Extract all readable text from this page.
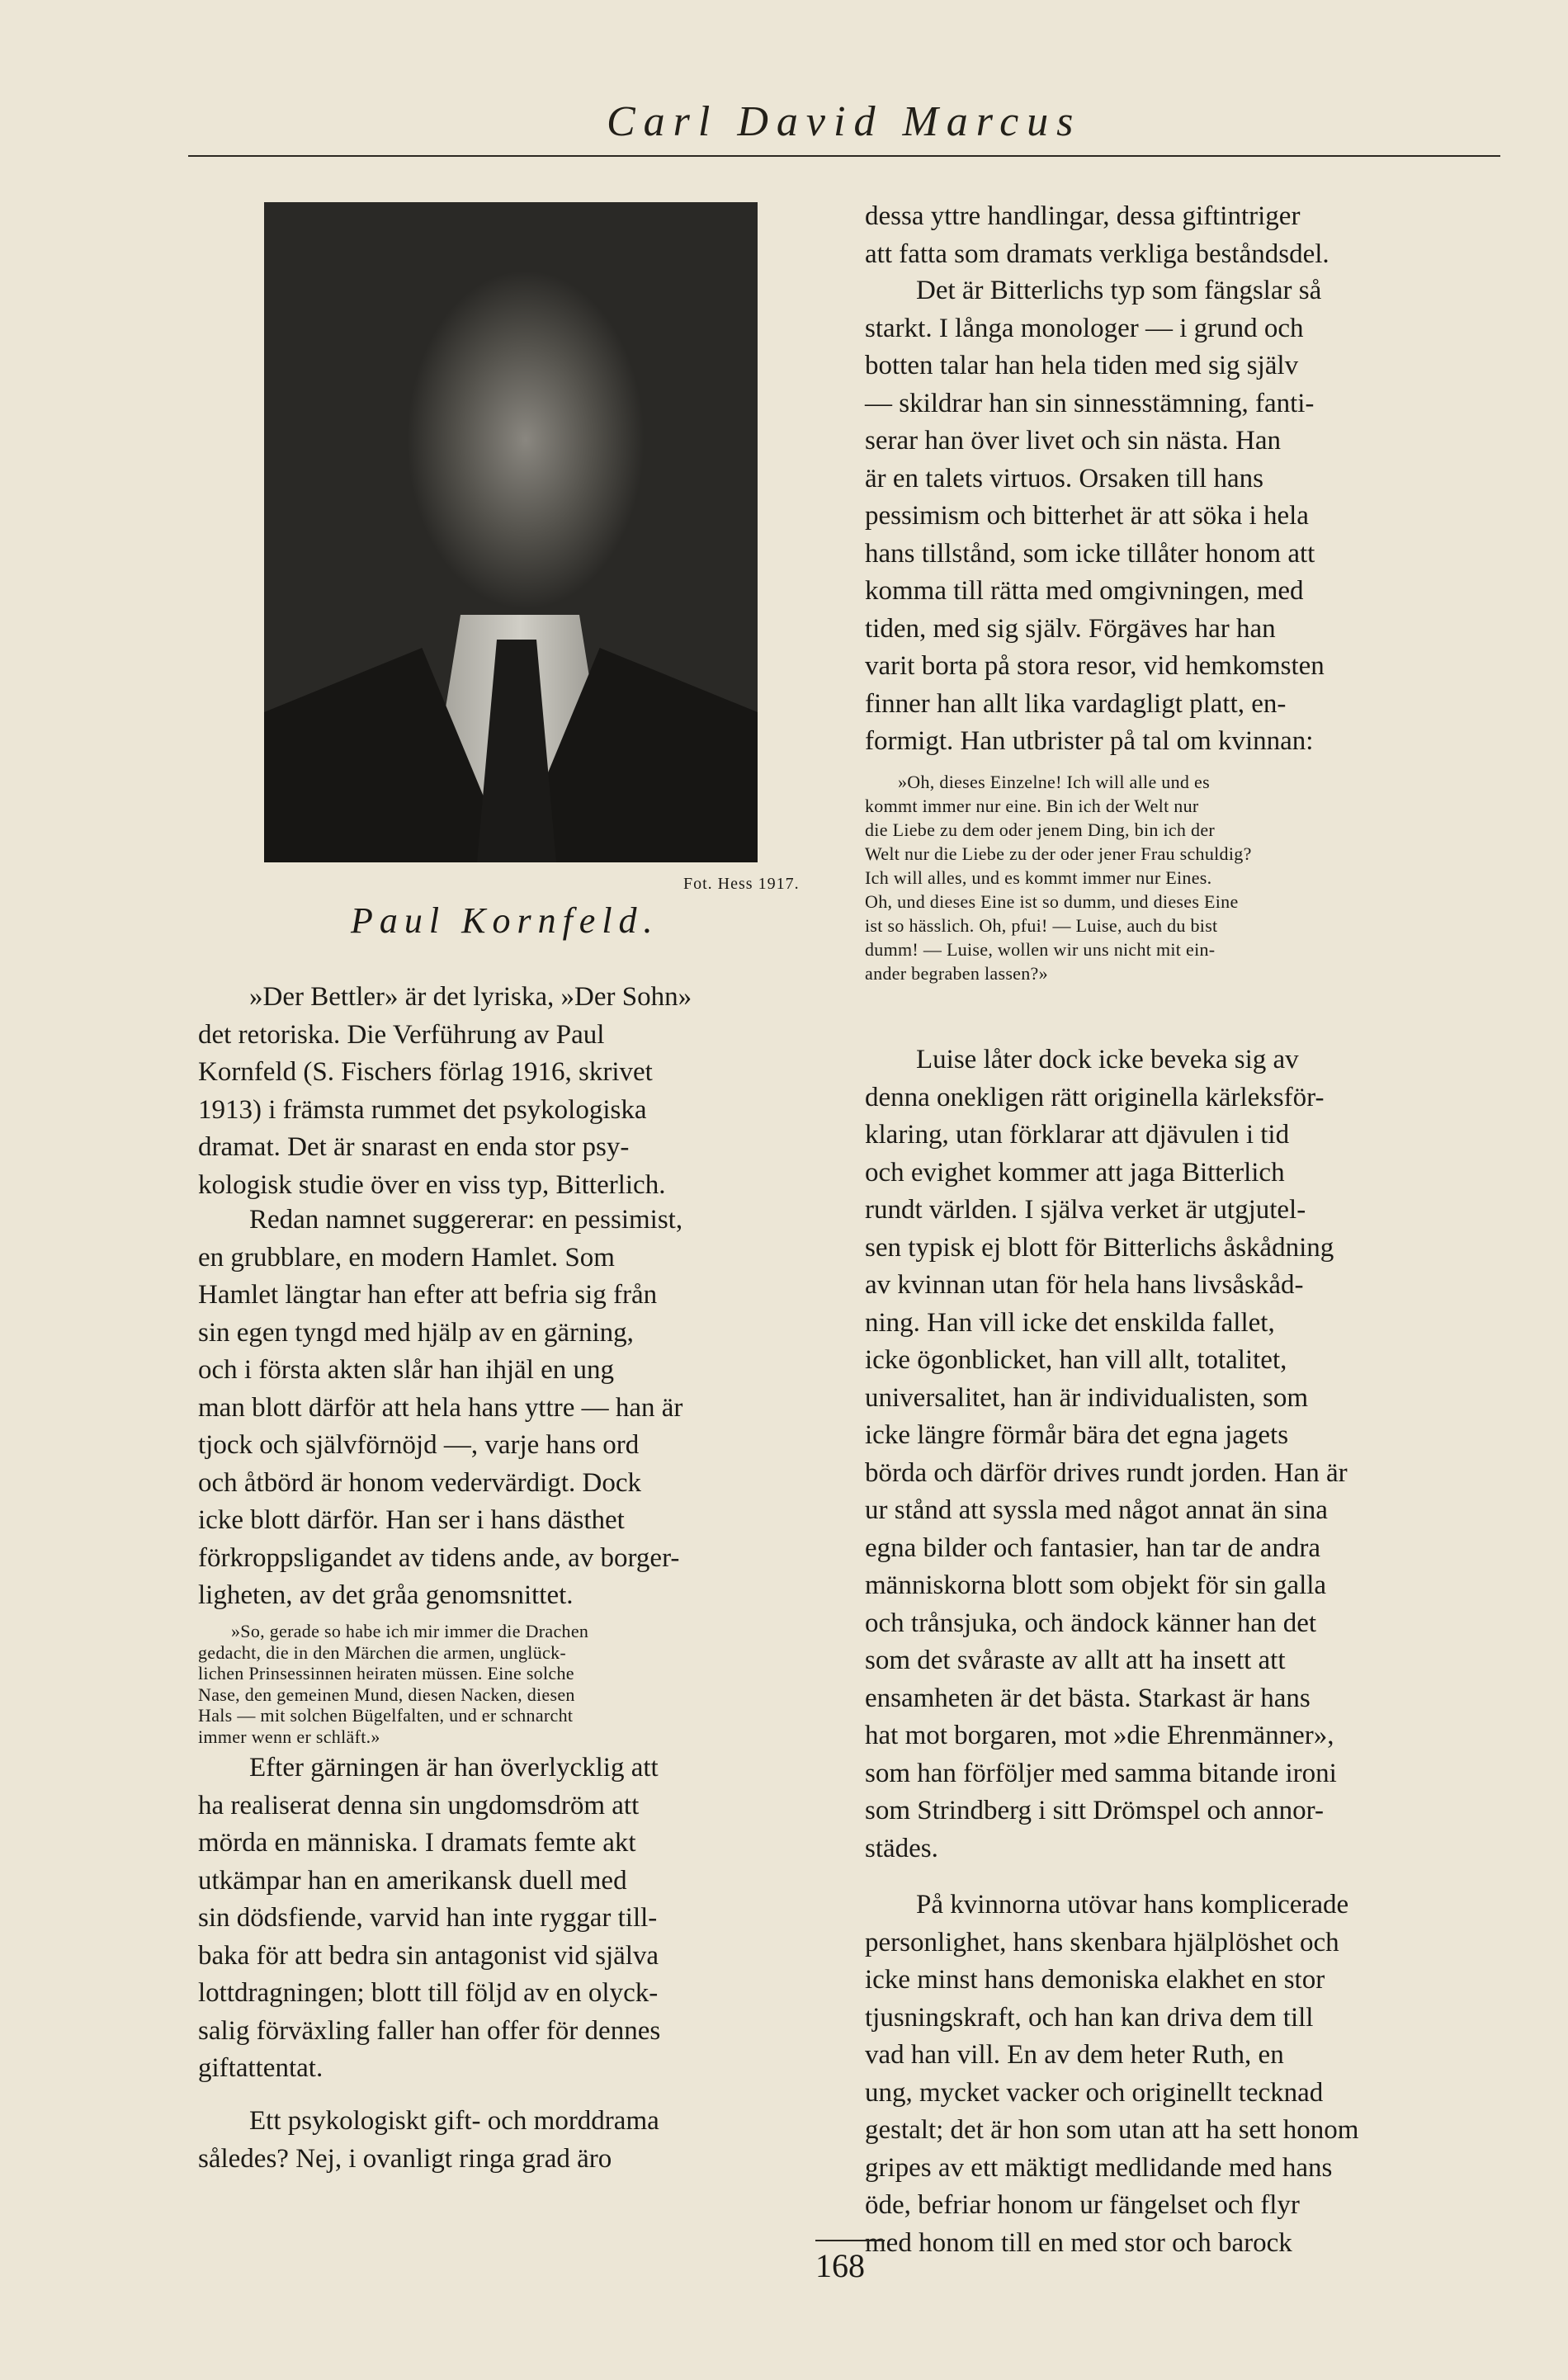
Carl David Marcus
Fot. Hess 1917.
Paul Kornfeld.
»Der Bettler» är det lyriska, »Der Sohn»
det retoriska. Die Verführung av Paul
Kornfeld (S. Fischers förlag 1916, skrivet
1913) i främsta rummet det psykologiska
dramat. Det är snarast en enda stor psy-
kologisk studie över en viss typ, Bitterlich.
Redan namnet suggererar: en pessimist,
en grubblare, en modern Hamlet. Som
Hamlet längtar han efter att befria sig från
sin egen tyngd med hjälp av en gärning,
och i första akten slår han ihjäl en ung
man blott därför att hela hans yttre — han är
tjock och självförnöjd —, varje hans ord
och åtbörd är honom vedervärdigt. Dock
icke blott därför. Han ser i hans dästhet
förkroppsligandet av tidens ande, av borger-
ligheten, av det gråa genomsnittet.
Efter gärningen är han överlycklig att
ha realiserat denna sin ungdomsdröm att
mörda en människa. I dramats femte akt
utkämpar han en amerikansk duell med
sin dödsfiende, varvid han inte ryggar till-
baka för att bedra sin antagonist vid själva
lottdragningen; blott till följd av en olyck-
salig förväxling faller han offer för dennes
giftattentat.
»So, gerade so habe ich mir immer die Drachen
gedacht, die in den Märchen die armen, unglück-
lichen Prinsessinnen heiraten müssen. Eine solche
Nase, den gemeinen Mund, diesen Nacken, diesen
Hals — mit solchen Bügelfalten, und er schnarcht
immer wenn er schläft.»
Ett psykologiskt gift- och morddrama
således? Nej, i ovanligt ringa grad äro
dessa yttre handlingar, dessa giftintriger
att fatta som dramats verkliga beståndsdel.
Det är Bitterlichs typ som fängslar så
starkt. I långa monologer — i grund och
botten talar han hela tiden med sig själv
— skildrar han sin sinnesstämning, fanti-
serar han över livet och sin nästa. Han
är en talets virtuos. Orsaken till hans
pessimism och bitterhet är att söka i hela
hans tillstånd, som icke tillåter honom att
komma till rätta med omgivningen, med
tiden, med sig själv. Förgäves har han
varit borta på stora resor, vid hemkomsten
finner han allt lika vardagligt platt, en-
formigt. Han utbrister på tal om kvinnan:
»Oh, dieses Einzelne! Ich will alle und es
kommt immer nur eine. Bin ich der Welt nur
die Liebe zu dem oder jenem Ding, bin ich der
Welt nur die Liebe zu der oder jener Frau schuldig?
Ich will alles, und es kommt immer nur Eines.
Oh, und dieses Eine ist so dumm, und dieses Eine
ist so hässlich. Oh, pfui! — Luise, auch du bist
dumm! — Luise, wollen wir uns nicht mit ein-
ander begraben lassen?»
Luise låter dock icke beveka sig av
denna onekligen rätt originella kärleksför-
klaring, utan förklarar att djävulen i tid
och evighet kommer att jaga Bitterlich
rundt världen. I själva verket är utgjutel-
sen typisk ej blott för Bitterlichs åskådning
av kvinnan utan för hela hans livsåskåd-
ning. Han vill icke det enskilda fallet,
icke ögonblicket, han vill allt, totalitet,
universalitet, han är individualisten, som
icke längre förmår bära det egna jagets
börda och därför drives rundt jorden. Han är
ur stånd att syssla med något annat än sina
egna bilder och fantasier, han tar de andra
människorna blott som objekt för sin galla
och trånsjuka, och ändock känner han det
som det svåraste av allt att ha insett att
ensamheten är det bästa. Starkast är hans
hat mot borgaren, mot »die Ehrenmänner»,
som han förföljer med samma bitande ironi
som Strindberg i sitt Drömspel och annor-
städes.
På kvinnorna utövar hans komplicerade
personlighet, hans skenbara hjälplöshet och
icke minst hans demoniska elakhet en stor
tjusningskraft, och han kan driva dem till
vad han vill. En av dem heter Ruth, en
ung, mycket vacker och originellt tecknad
gestalt; det är hon som utan att ha sett honom
gripes av ett mäktigt medlidande med hans
öde, befriar honom ur fängelset och flyr
med honom till en med stor och barock
168
